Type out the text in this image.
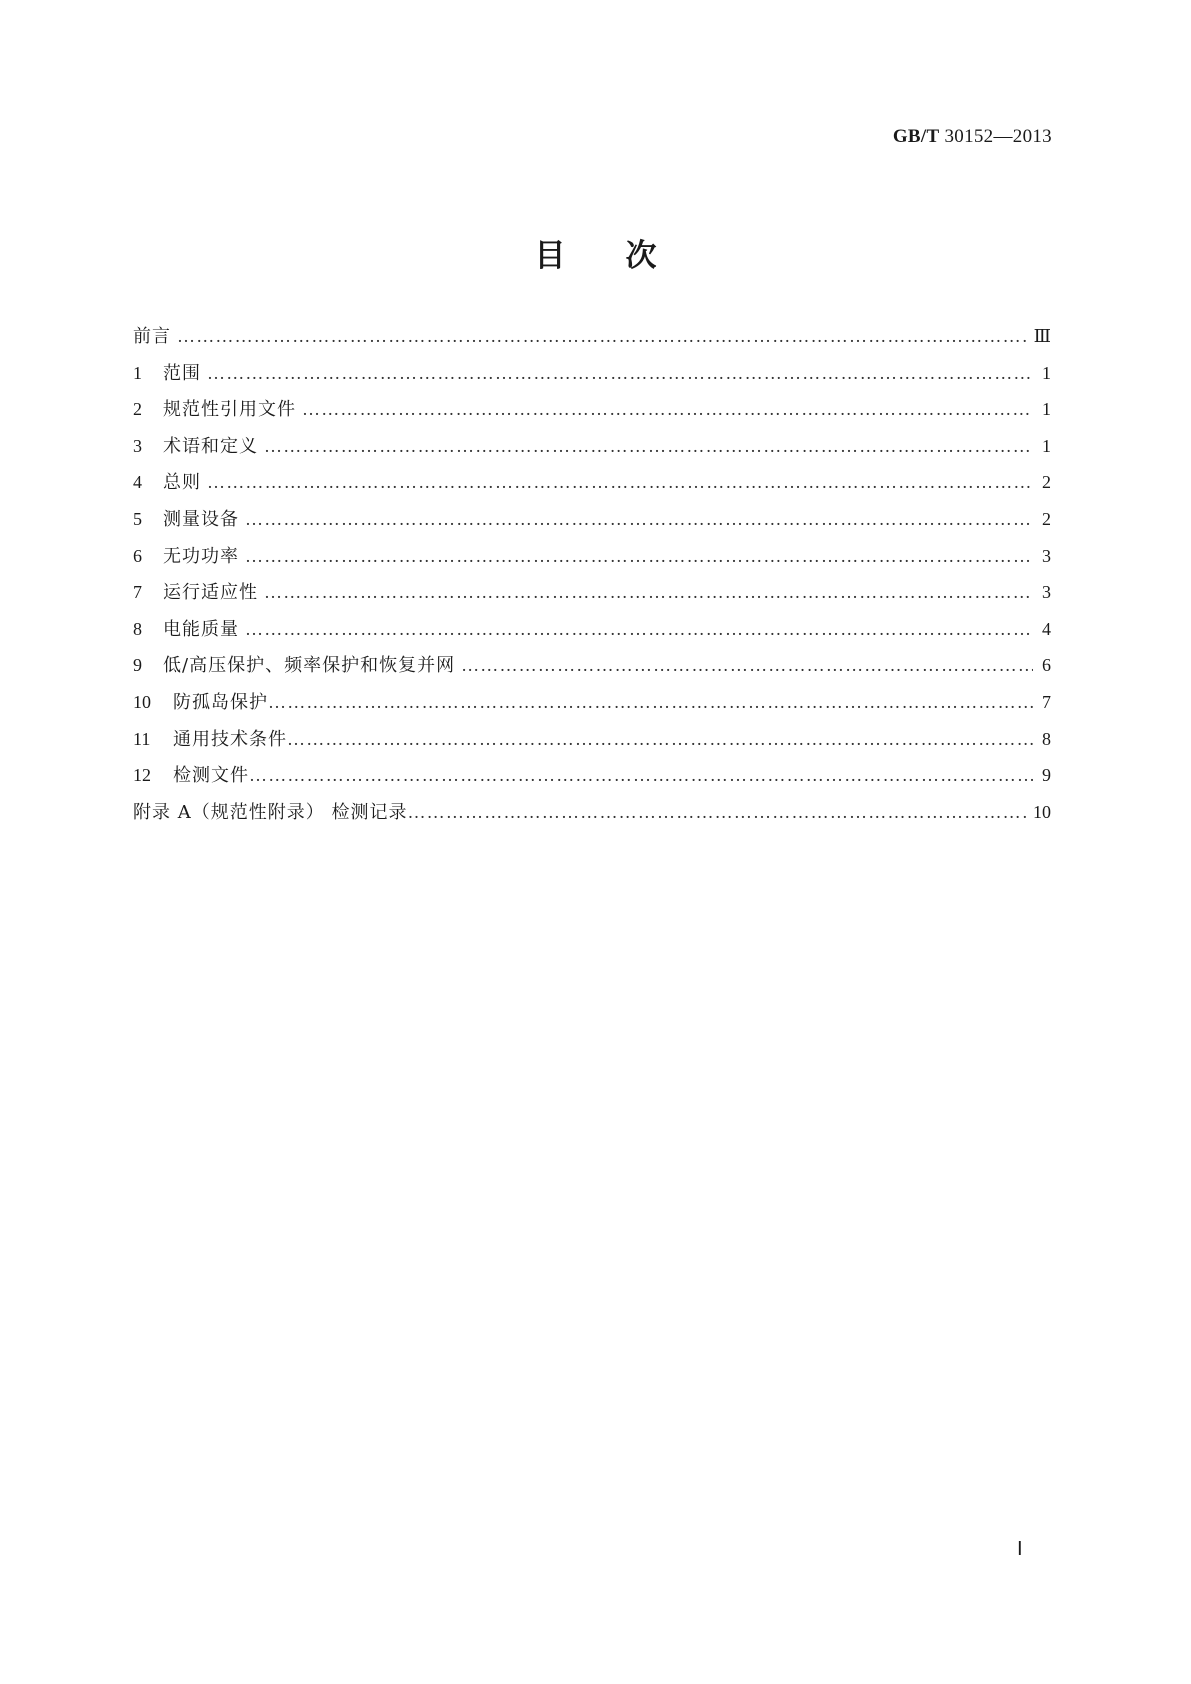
GB/T 30152—2013
目次
前言 …………………………………………………………………………………………………………………………………………………………………………………………………………	Ⅲ
1	范围 …………………………………………………………………………………………………………………………………………………………………………………………………………	1
2	规范性引用文件 …………………………………………………………………………………………………………………………………………………………………………………………………………	1
3	术语和定义 …………………………………………………………………………………………………………………………………………………………………………………………………………	1
4	总则 …………………………………………………………………………………………………………………………………………………………………………………………………………	2
5	测量设备 …………………………………………………………………………………………………………………………………………………………………………………………………………	2
6	无功功率 …………………………………………………………………………………………………………………………………………………………………………………………………………	3
7	运行适应性 …………………………………………………………………………………………………………………………………………………………………………………………………………	3
8	电能质量 …………………………………………………………………………………………………………………………………………………………………………………………………………	4
9	低/高压保护、频率保护和恢复并网 …………………………………………………………………………………………………………………………………………………………………………………………………………	6
10	防孤岛保护 …………………………………………………………………………………………………………………………………………………………………………………………………………	7
11	通用技术条件 …………………………………………………………………………………………………………………………………………………………………………………………………………	8
12	检测文件 …………………………………………………………………………………………………………………………………………………………………………………………………………	9
附录 A（规范性附录） 检测记录 …………………………………………………………………………………………………………………………………………………………………………………………………………	10
Ⅰ
